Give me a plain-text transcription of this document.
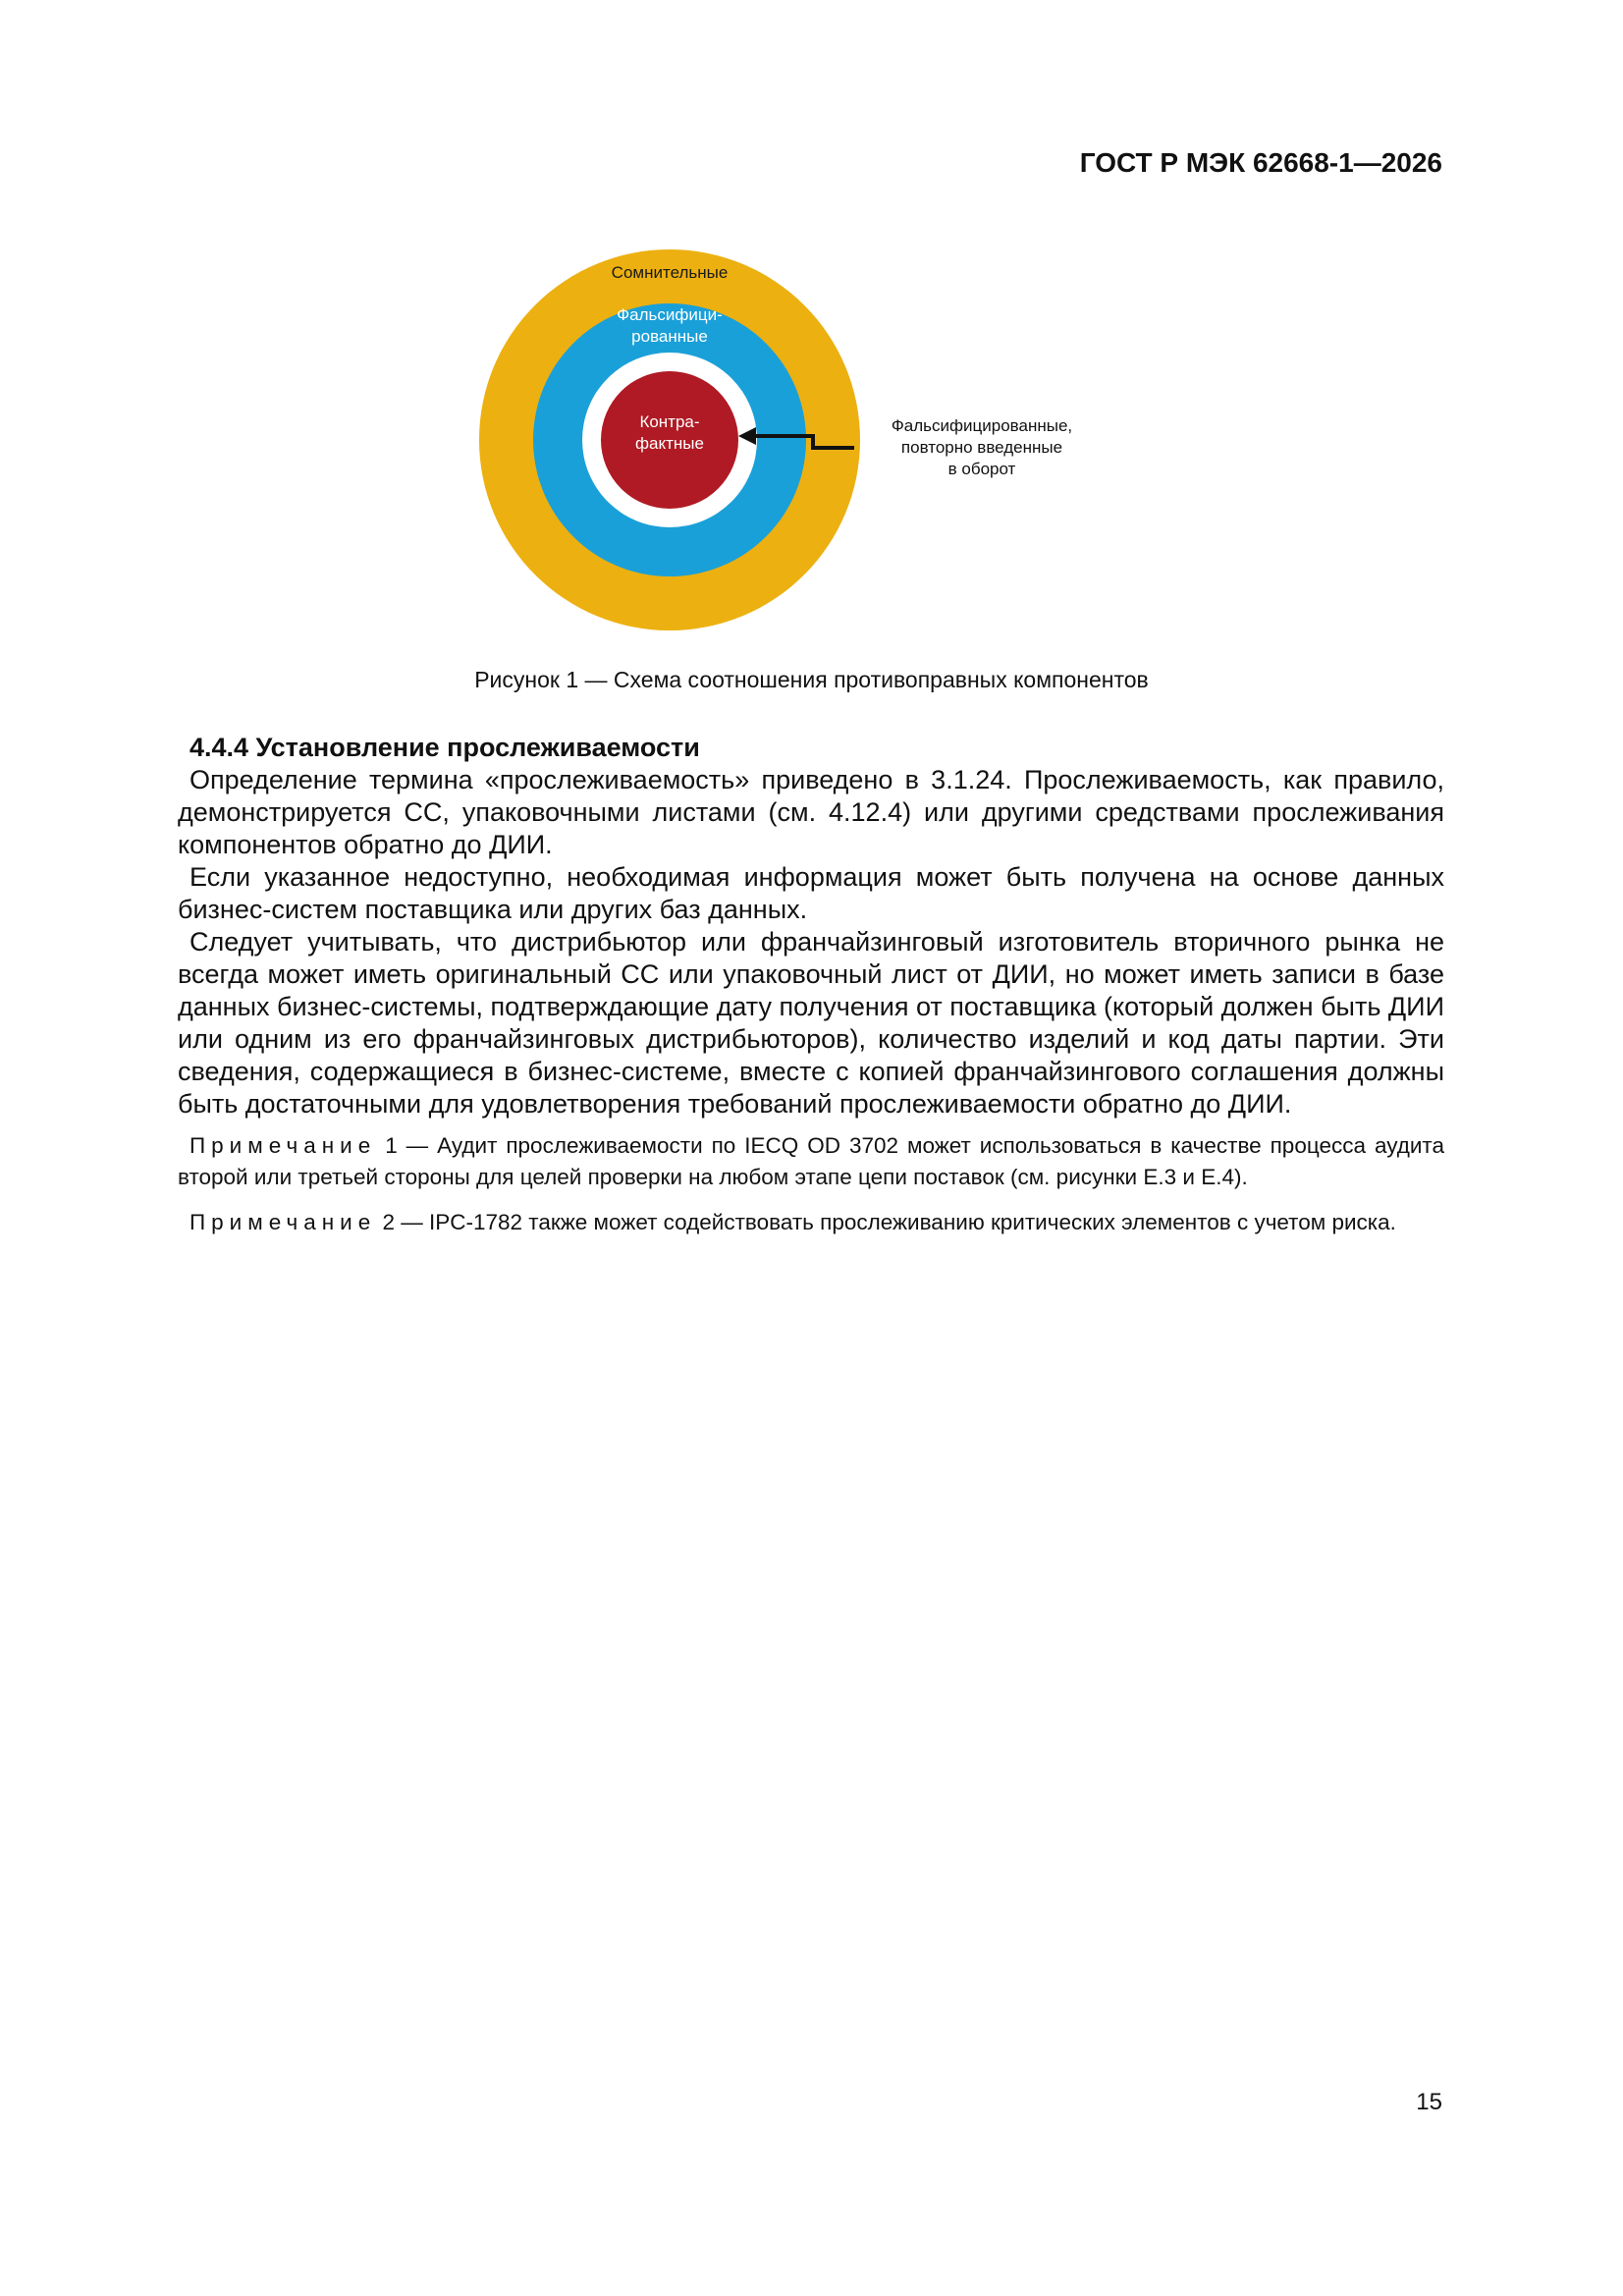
ГОСТ Р МЭК 62668-1—2026
Сомнительные
Фальсифици-
рованные
Контра-
фактные
Фальсифицированные,
повторно введенные
в оборот
Рисунок 1 — Схема соотношения противоправных компонентов
4.4.4 Установление прослеживаемости

Определение термина «прослеживаемость» приведено в 3.1.24. Прослеживаемость, как правило, демонстрируется СС, упаковочными листами (см. 4.12.4) или другими средствами прослеживания компонентов обратно до ДИИ.

Если указанное недоступно, необходимая информация может быть получена на основе данных бизнес-систем поставщика или других баз данных.

Следует учитывать, что дистрибьютор или франчайзинговый изготовитель вторичного рынка не всегда может иметь оригинальный СС или упаковочный лист от ДИИ, но может иметь записи в базе данных бизнес-системы, подтверждающие дату получения от поставщика (который должен быть ДИИ или одним из его франчайзинговых дистрибьюторов), количество изделий и код даты партии. Эти сведения, содержащиеся в бизнес-системе, вместе с копией франчайзингового соглашения должны быть достаточными для удовлетворения требований прослеживаемости обратно до ДИИ.

Примечание 1 — Аудит прослеживаемости по IECQ OD 3702 может использоваться в качестве процесса аудита второй или третьей стороны для целей проверки на любом этапе цепи поставок (см. рисунки Е.3 и Е.4).

Примечание 2 — IPC-1782 также может содействовать прослеживанию критических элементов с учетом риска.

15
